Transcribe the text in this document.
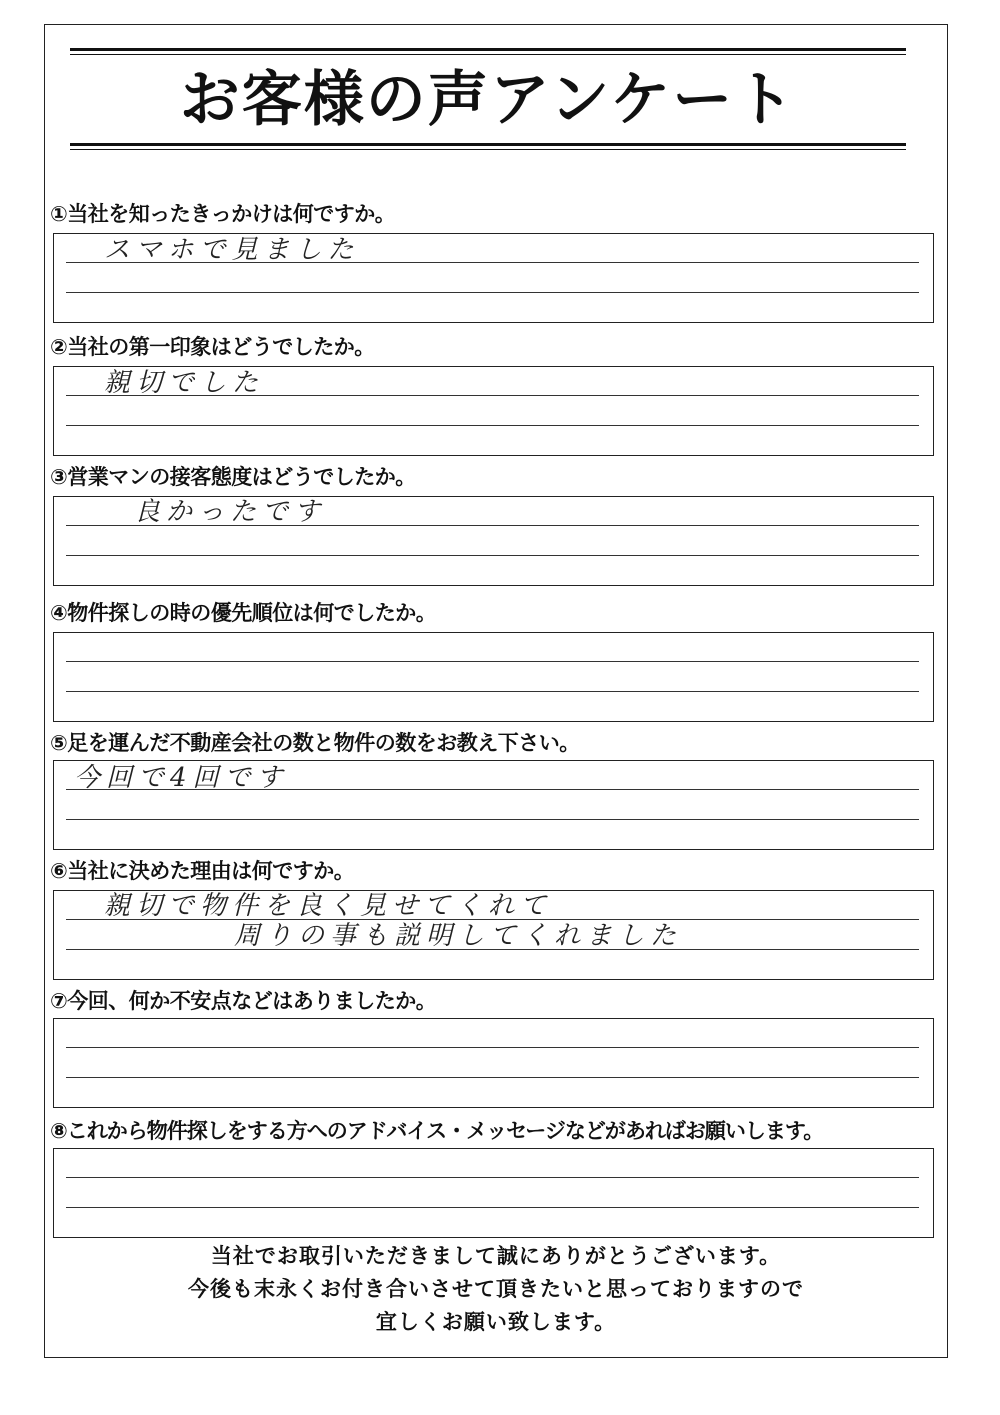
お客様の声アンケート
①当社を知ったきっかけは何ですか。
スマホで見ました
②当社の第一印象はどうでしたか。
親切でした
③営業マンの接客態度はどうでしたか。
良かったです
④物件探しの時の優先順位は何でしたか。
⑤足を運んだ不動産会社の数と物件の数をお教え下さい。
今回で4回です
⑥当社に決めた理由は何ですか。
親切で物件を良く見せてくれて
周りの事も説明してくれました
⑦今回、何か不安点などはありましたか。
⑧これから物件探しをする方へのアドバイス・メッセージなどがあればお願いします。
当社でお取引いただきまして誠にありがとうございます。
今後も末永くお付き合いさせて頂きたいと思っておりますので
宜しくお願い致します。
